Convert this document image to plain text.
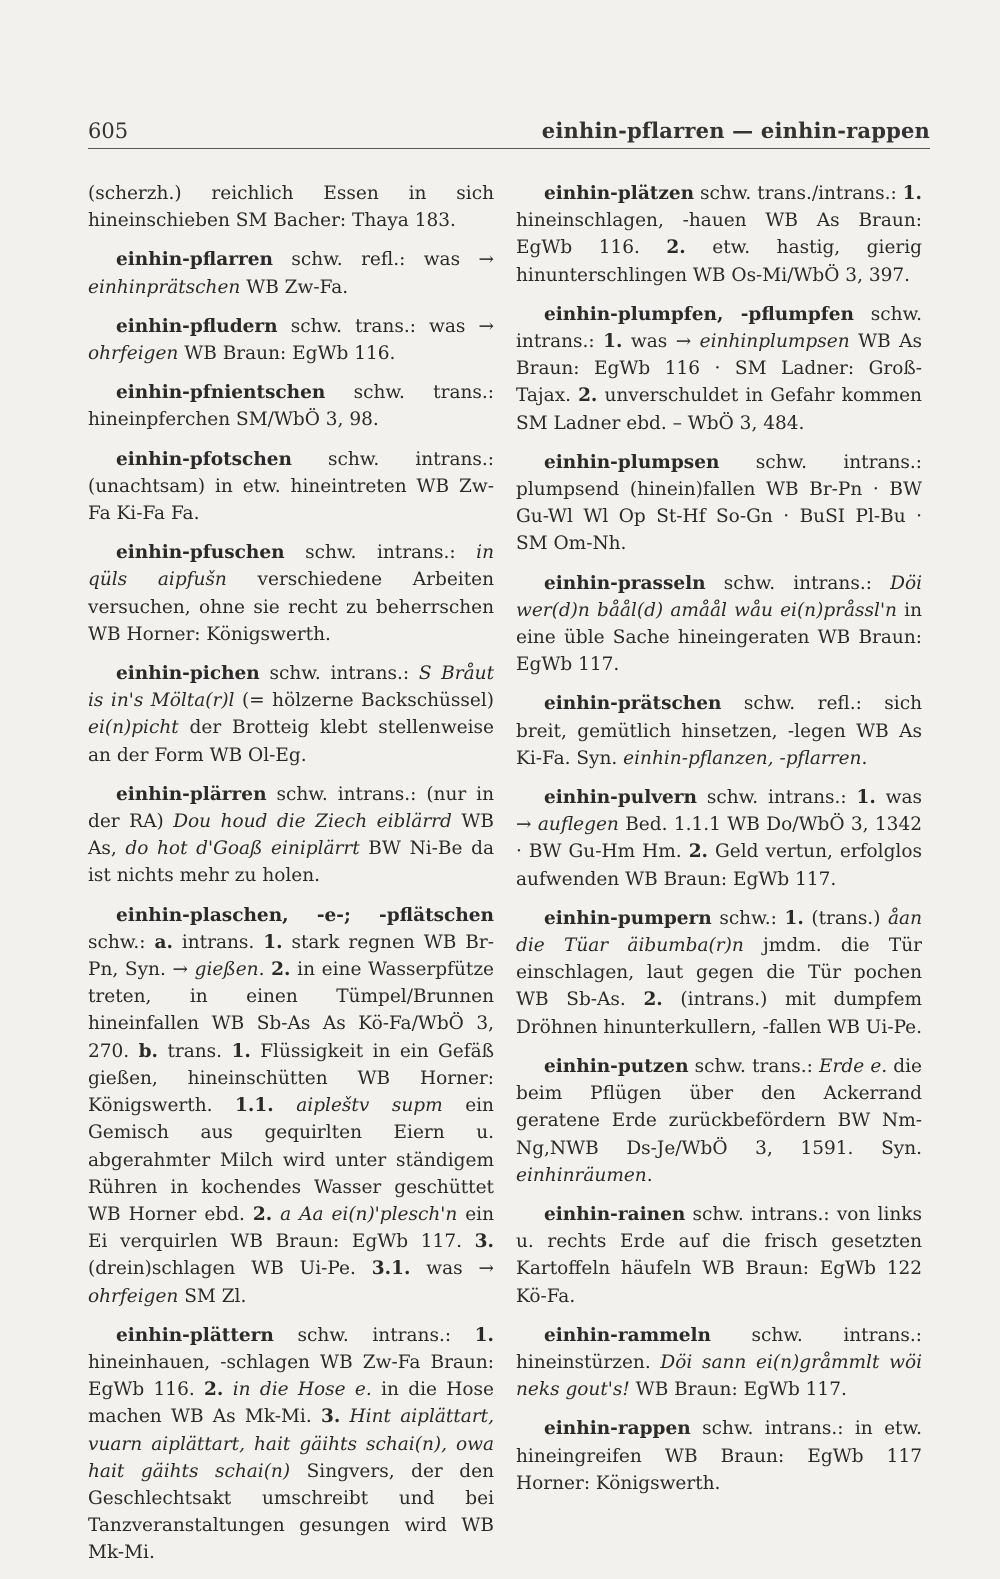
605	einhin-pflarren — einhin-rappen

(scherzh.) reichlich Essen in sich hineinschieben SM Bacher: Thaya 183.

einhin-pflarren schw. refl.: was → einhinprätschen WB Zw-Fa.

einhin-pfludern schw. trans.: was → ohrfeigen WB Braun: EgWb 116.

einhin-pfnientschen schw. trans.: hineinpferchen SM/WbÖ 3, 98.

einhin-pfotschen schw. intrans.: (unachtsam) in etw. hineintreten WB Zw-Fa Ki-Fa Fa.

einhin-pfuschen schw. intrans.: in qüls aipfušn verschiedene Arbeiten versuchen, ohne sie recht zu beherrschen WB Horner: Königswerth.

einhin-pichen schw. intrans.: S Bråut is in's Mölta(r)l (= hölzerne Backschüssel) ei(n)picht der Brotteig klebt stellenweise an der Form WB Ol-Eg.

einhin-plärren schw. intrans.: (nur in der RA) Dou houd die Ziech eiblärrd WB As, do hot d'Goaß einiplärrt BW Ni-Be da ist nichts mehr zu holen.

einhin-plaschen, -e-; -pflätschen schw.: a. intrans. 1. stark regnen WB Br-Pn, Syn. → gießen. 2. in eine Wasserpfütze treten, in einen Tümpel/Brunnen hineinfallen WB Sb-As As Kö-Fa/WbÖ 3, 270. b. trans. 1. Flüssigkeit in ein Gefäß gießen, hineinschütten WB Horner: Königswerth. 1.1. aipleštv supm ein Gemisch aus gequirlten Eiern u. abgerahmter Milch wird unter ständigem Rühren in kochendes Wasser geschüttet WB Horner ebd. 2. a Aa ei(n)'plesch'n ein Ei verquirlen WB Braun: EgWb 117. 3. (drein)schlagen WB Ui-Pe. 3.1. was → ohrfeigen SM Zl.

einhin-plättern schw. intrans.: 1. hineinhauen, -schlagen WB Zw-Fa Braun: EgWb 116. 2. in die Hose e. in die Hose machen WB As Mk-Mi. 3. Hint aiplättart, vuarn aiplättart, hait gäihts schai(n), owa hait gäihts schai(n) Singvers, der den Geschlechtsakt umschreibt und bei Tanzveranstaltungen gesungen wird WB Mk-Mi.

einhin-plätzen schw. trans./intrans.: 1. hineinschlagen, -hauen WB As Braun: EgWb 116. 2. etw. hastig, gierig hinunterschlingen WB Os-Mi/WbÖ 3, 397.

einhin-plumpfen, -pflumpfen schw. intrans.: 1. was → einhinplumpsen WB As Braun: EgWb 116 · SM Ladner: Groß-Tajax. 2. unverschuldet in Gefahr kommen SM Ladner ebd. – WbÖ 3, 484.

einhin-plumpsen schw. intrans.: plumpsend (hinein)fallen WB Br-Pn · BW Gu-Wl Wl Op St-Hf So-Gn · BuSI Pl-Bu · SM Om-Nh.

einhin-prasseln schw. intrans.: Döi wer(d)n båål(d) amåål wåu ei(n)pråssl'n in eine üble Sache hineingeraten WB Braun: EgWb 117.

einhin-prätschen schw. refl.: sich breit, gemütlich hinsetzen, -legen WB As Ki-Fa. Syn. einhin-pflanzen, -pflarren.

einhin-pulvern schw. intrans.: 1. was → auflegen Bed. 1.1.1 WB Do/WbÖ 3, 1342 · BW Gu-Hm Hm. 2. Geld vertun, erfolglos aufwenden WB Braun: EgWb 117.

einhin-pumpern schw.: 1. (trans.) åan die Tüar äibumba(r)n jmdm. die Tür einschlagen, laut gegen die Tür pochen WB Sb-As. 2. (intrans.) mit dumpfem Dröhnen hinunterkullern, -fallen WB Ui-Pe.

einhin-putzen schw. trans.: Erde e. die beim Pflügen über den Ackerrand geratene Erde zurückbefördern BW Nm-Ng,NWB Ds-Je/WbÖ 3, 1591. Syn. einhinräumen.

einhin-rainen schw. intrans.: von links u. rechts Erde auf die frisch gesetzten Kartoffeln häufeln WB Braun: EgWb 122 Kö-Fa.

einhin-rammeln schw. intrans.: hineinstürzen. Döi sann ei(n)gråmmlt wöi neks gout's! WB Braun: EgWb 117.

einhin-rappen schw. intrans.: in etw. hineingreifen WB Braun: EgWb 117 Horner: Königswerth.
